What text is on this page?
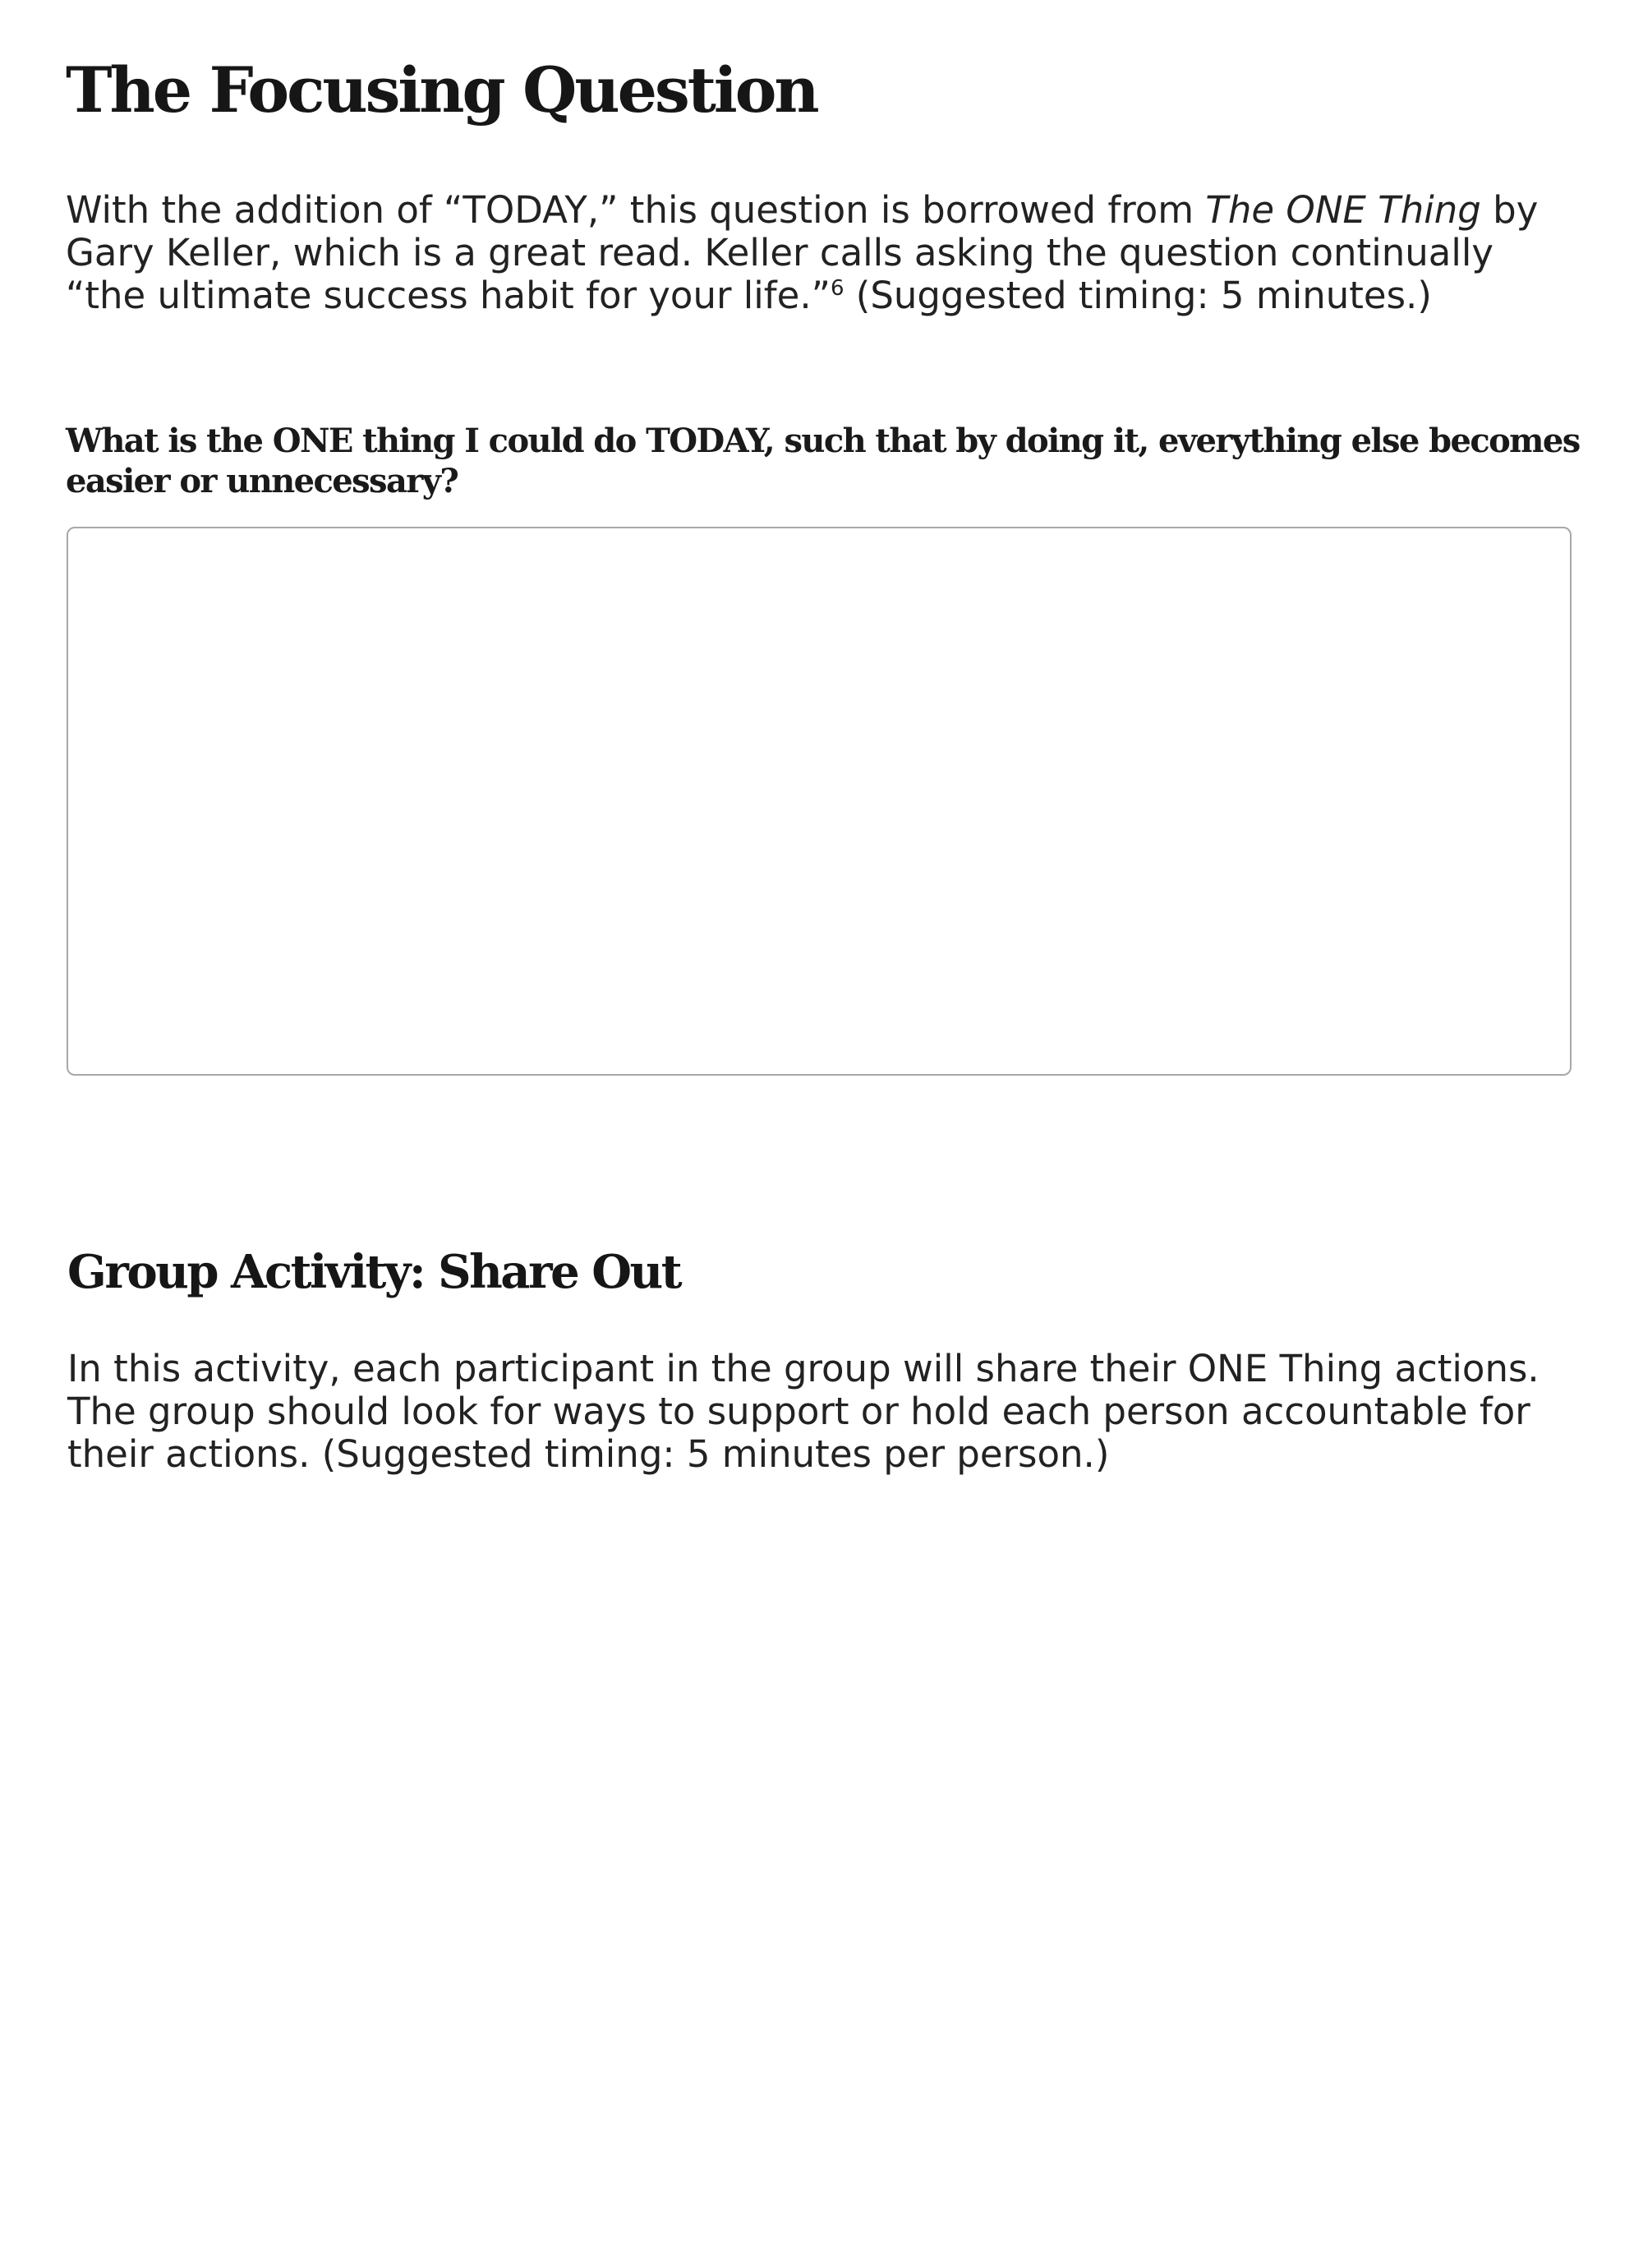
The Focusing Question

With the addition of “TODAY,” this question is borrowed from The ONE Thing by Gary Keller, which is a great read. Keller calls asking the question continually “the ultimate success habit for your life.”$^6$ (Suggested timing: 5 minutes.)

What is the ONE thing I could do TODAY, such that by doing it, everything else becomes easier or unnecessary?

Group Activity: Share Out

In this activity, each participant in the group will share their ONE Thing actions. The group should look for ways to support or hold each person accountable for their actions. (Suggested timing: 5 minutes per person.)
